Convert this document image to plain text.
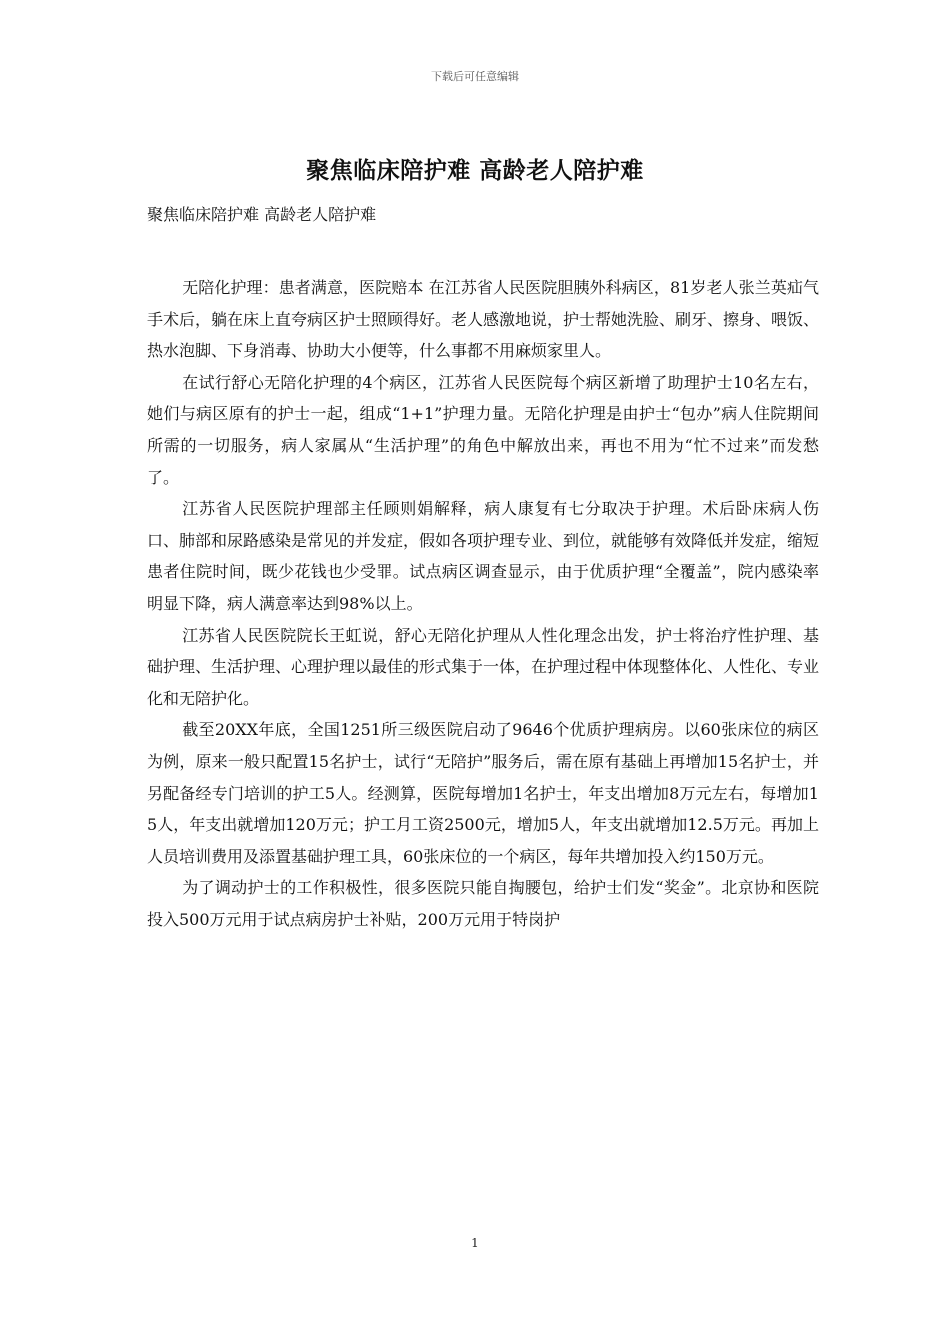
下载后可任意编辑
聚焦临床陪护难 高龄老人陪护难
聚焦临床陪护难 高龄老人陪护难

无陪化护理：患者满意，医院赔本 在江苏省人民医院胆胰外科病区，81岁老人张兰英疝气手术后，躺在床上直夸病区护士照顾得好。老人感激地说，护士帮她洗脸、刷牙、擦身、喂饭、热水泡脚、下身消毒、协助大小便等，什么事都不用麻烦家里人。

在试行舒心无陪化护理的4个病区，江苏省人民医院每个病区新增了助理护士10名左右，她们与病区原有的护士一起，组成“1+1”护理力量。无陪化护理是由护士“包办”病人住院期间所需的一切服务，病人家属从“生活护理”的角色中解放出来，再也不用为“忙不过来”而发愁了。

江苏省人民医院护理部主任顾则娟解释，病人康复有七分取决于护理。术后卧床病人伤口、肺部和尿路感染是常见的并发症，假如各项护理专业、到位，就能够有效降低并发症，缩短患者住院时间，既少花钱也少受罪。试点病区调查显示，由于优质护理“全覆盖”，院内感染率明显下降，病人满意率达到98%以上。

江苏省人民医院院长王虹说，舒心无陪化护理从人性化理念出发，护士将治疗性护理、基础护理、生活护理、心理护理以最佳的形式集于一体，在护理过程中体现整体化、人性化、专业化和无陪护化。

截至20XX年底，全国1251所三级医院启动了9646个优质护理病房。以60张床位的病区为例，原来一般只配置15名护士，试行“无陪护”服务后，需在原有基础上再增加15名护士，并另配备经专门培训的护工5人。经测算，医院每增加1名护士，年支出增加8万元左右，每增加15人，年支出就增加120万元；护工月工资2500元，增加5人，年支出就增加12.5万元。再加上人员培训费用及添置基础护理工具，60张床位的一个病区，每年共增加投入约150万元。

为了调动护士的工作积极性，很多医院只能自掏腰包，给护士们发“奖金”。北京协和医院投入500万元用于试点病房护士补贴，200万元用于特岗护

1
